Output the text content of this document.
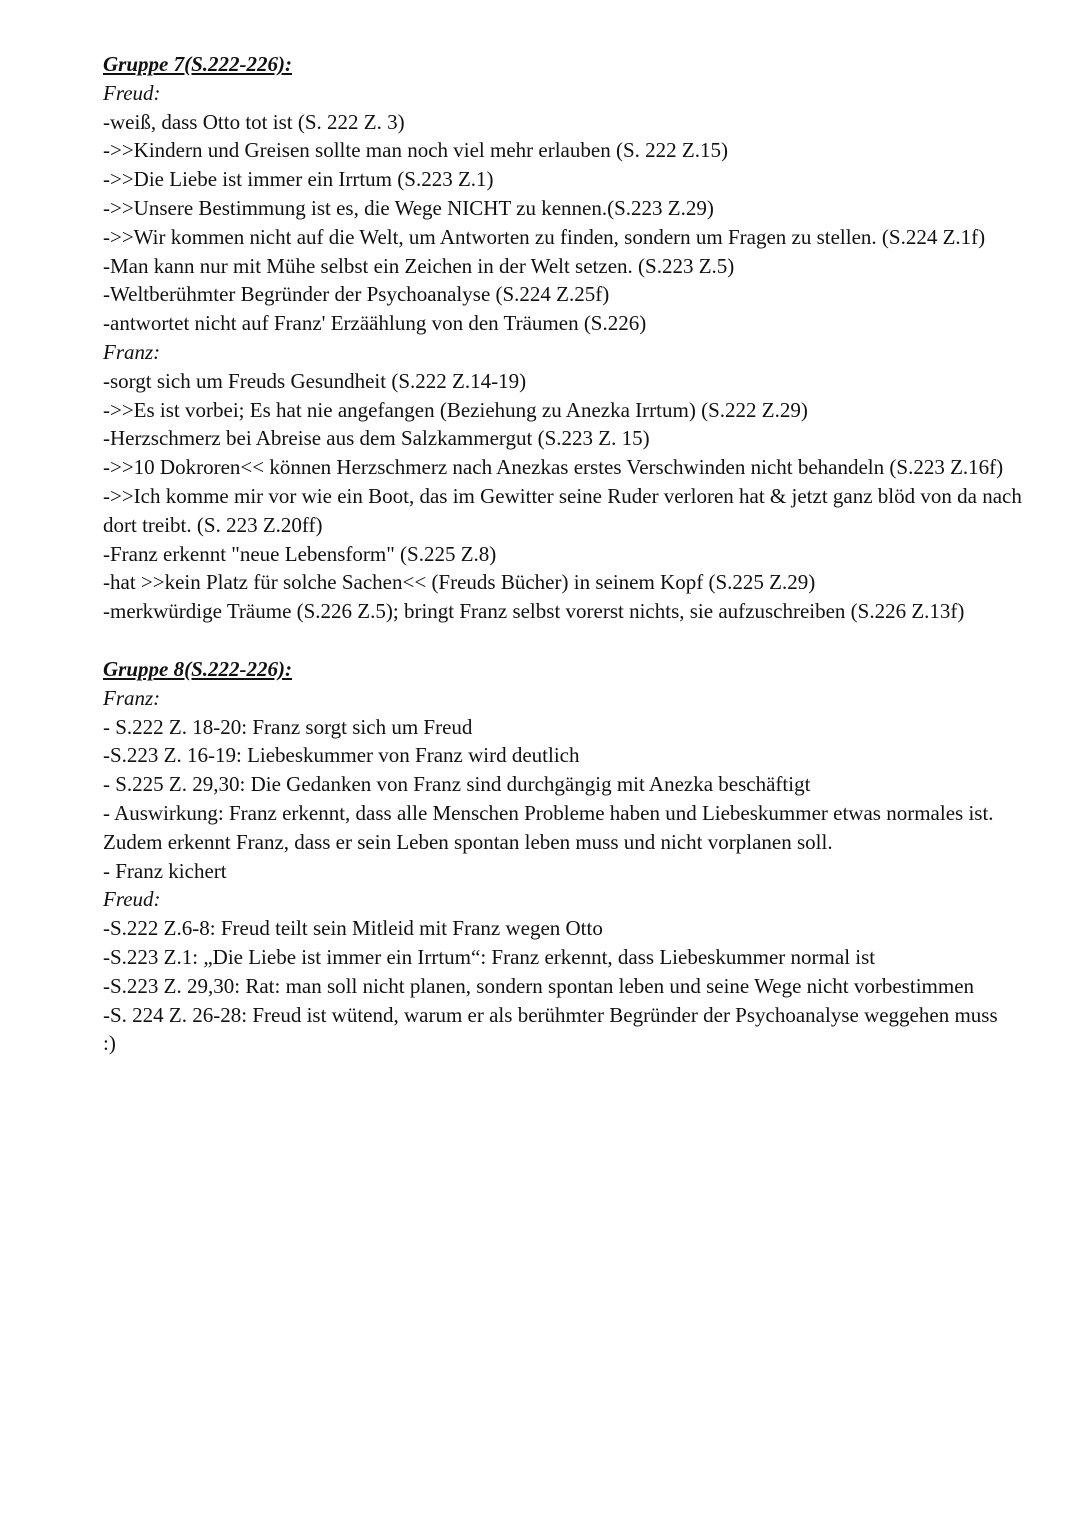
Gruppe 7(S.222-226):
Freud:
-weiß, dass Otto tot ist (S. 222 Z. 3)
->>Kindern und Greisen sollte man noch viel mehr erlauben (S. 222 Z.15)
->>Die Liebe ist immer ein Irrtum (S.223 Z.1)
->>Unsere Bestimmung ist es, die Wege NICHT zu kennen.(S.223 Z.29)
->>Wir kommen nicht auf die Welt, um Antworten zu finden, sondern um Fragen zu stellen. (S.224 Z.1f)
-Man kann nur mit Mühe selbst ein Zeichen in der Welt setzen. (S.223 Z.5)
-Weltberühmter Begründer der Psychoanalyse (S.224 Z.25f)
-antwortet nicht auf Franz' Erzäählung von den Träumen (S.226)
Franz:
-sorgt sich um Freuds Gesundheit (S.222 Z.14-19)
->>Es ist vorbei; Es hat nie angefangen (Beziehung zu Anezka Irrtum) (S.222 Z.29)
-Herzschmerz bei Abreise aus dem Salzkammergut (S.223 Z. 15)
->>10 Dokroren<< können Herzschmerz nach Anezkas erstes Verschwinden nicht behandeln (S.223 Z.16f)
->>Ich komme mir vor wie ein Boot, das im Gewitter seine Ruder verloren hat & jetzt ganz blöd von da nach dort treibt. (S. 223 Z.20ff)
-Franz erkennt "neue Lebensform" (S.225 Z.8)
-hat >>kein Platz für solche Sachen<< (Freuds Bücher) in seinem Kopf (S.225 Z.29)
-merkwürdige Träume (S.226 Z.5); bringt Franz selbst vorerst nichts, sie aufzuschreiben (S.226 Z.13f)
Gruppe 8(S.222-226):
Franz:
- S.222 Z. 18-20: Franz sorgt sich um Freud
-S.223 Z. 16-19: Liebeskummer von Franz wird deutlich
- S.225 Z. 29,30: Die Gedanken von Franz sind durchgängig mit Anezka beschäftigt
- Auswirkung: Franz erkennt, dass alle Menschen Probleme haben und Liebeskummer etwas normales ist. Zudem erkennt Franz, dass er sein Leben spontan leben muss und nicht vorplanen soll.
- Franz kichert
Freud:
-S.222 Z.6-8: Freud teilt sein Mitleid mit Franz wegen Otto
-S.223 Z.1: „Die Liebe ist immer ein Irrtum“: Franz erkennt, dass Liebeskummer normal ist
-S.223 Z. 29,30: Rat: man soll nicht planen, sondern spontan leben und seine Wege nicht vorbestimmen
-S. 224 Z. 26-28: Freud ist wütend, warum er als berühmter Begründer der Psychoanalyse weggehen muss
:)
